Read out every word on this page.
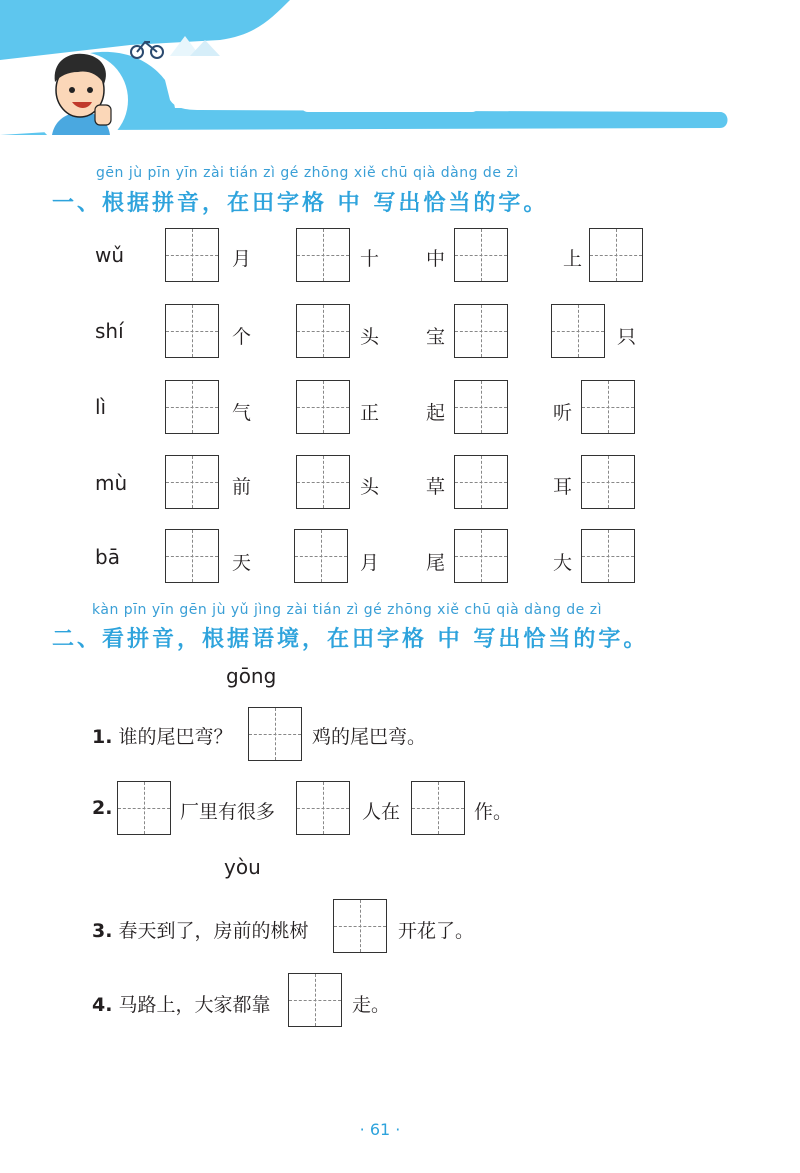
同音字
gēn jù pīn yīn zài tián zì gé zhōng xiě chū qià dàng de zì
一、根据拼音，在田字格 中 写出恰当的字。
wǔ	月	十 中	上
shí	个	头 宝	只
lì	气	正 起	听
mù	前	头 草	耳
bā	天	月 尾	大
kàn pīn yīn gēn jù yǔ jìng zài tián zì gé zhōng xiě chū qià dàng de zì
二、看拼音，根据语境，在田字格 中 写出恰当的字。
gōng
1. 谁的尾巴弯？	鸡的尾巴弯。
2.	厂里有很多	人在	作。
yòu
3. 春天到了，房前的桃树	开花了。
4. 马路上，大家都靠	走。
· 61 ·
